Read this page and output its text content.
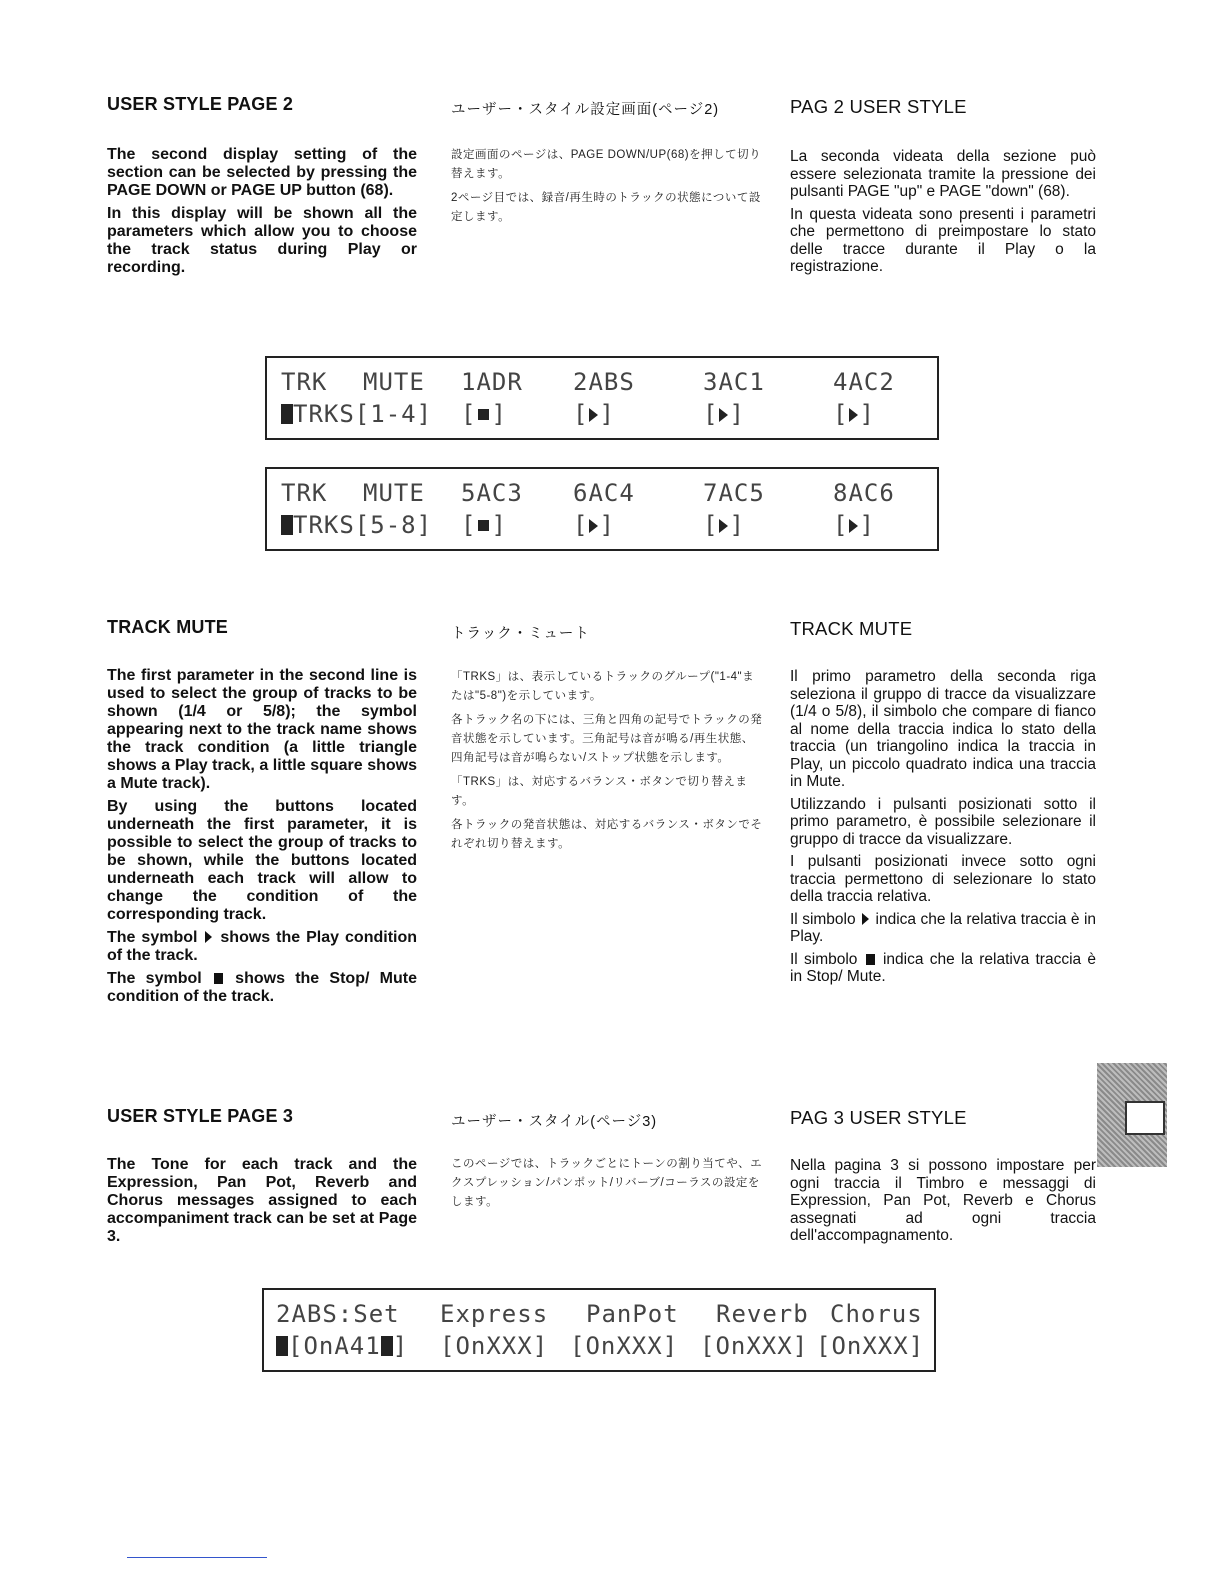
USER STYLE PAGE 2	ユーザー・スタイル設定画面(ページ2)	PAG 2 USER STYLE

The second display setting of the section can be selected by pressing the PAGE DOWN or PAGE UP button (68).

In this display will be shown all the parameters which allow you to choose the track status during Play or recording.

設定画面のページは、PAGE DOWN/UP(68)を押して切り替えます。

2ページ目では、録音/再生時のトラックの状態について設定します。

La seconda videata della sezione può essere selezionata tramite la pressione dei pulsanti PAGE "up" e PAGE "down" (68).

In questa videata sono presenti i parametri che permettono di preimpostare lo stato delle tracce durante il Play o la registrazione.

TRK MUTE 1ADR 2ABS	3AC1	4AC2
TRKS[1-4] [ ]	[ ]	[ ]	[ ]
TRK MUTE 5AC3 6AC4	7AC5	8AC6
TRKS[5-8] [ ]	[ ]	[ ]	[ ]
TRACK MUTE	トラック・ミュート	TRACK MUTE

The first parameter in the second line is used to select the group of tracks to be shown (1/4 or 5/8); the symbol appearing next to the track name shows the track condition (a little triangle shows a Play track, a little square shows a Mute track).

By using the buttons located underneath the first parameter, it is possible to select the group of tracks to be shown, while the buttons located underneath each track will allow to change the condition of the corresponding track.

The symbol shows the Play condition of the track.

The symbol shows the Stop/ Mute condition of the track.

「TRKS」は、表示しているトラックのグループ("1-4"または"5-8")を示しています。

各トラック名の下には、三角と四角の記号でトラックの発音状態を示しています。三角記号は音が鳴る/再生状態、四角記号は音が鳴らない/ストップ状態を示します。

「TRKS」は、対応するバランス・ボタンで切り替えます。

各トラックの発音状態は、対応するバランス・ボタンでそれぞれ切り替えます。

Il primo parametro della seconda riga seleziona il gruppo di tracce da visualizzare (1/4 o 5/8), il simbolo che compare di fianco al nome della traccia indica lo stato della traccia (un triangolino indica la traccia in Play, un piccolo quadrato indica una traccia in Mute.

Utilizzando i pulsanti posizionati sotto il primo parametro, è possibile selezionare il gruppo di tracce da visualizzare.

I pulsanti posizionati invece sotto ogni traccia permettono di selezionare lo stato della traccia relativa.

Il simbolo indica che la relativa traccia è in Play.

Il simbolo indica che la relativa traccia è in Stop/ Mute.

USER STYLE PAGE 3	ユーザー・スタイル(ページ3)	PAG 3 USER STYLE

The Tone for each track and the Expression, Pan Pot, Reverb and Chorus messages assigned to each accompaniment track can be set at Page 3.

このページでは、トラックごとにトーンの割り当てや、エクスプレッション/パンポット/リバーブ/コーラスの設定をします。

Nella pagina 3 si possono impostare per ogni traccia il Timbro e messaggi di Expression, Pan Pot, Reverb e Chorus assegnati ad ogni traccia dell'accompagnamento.

2ABS:Set Express PanPot Reverb Chorus
[OnA41 ] [OnXXX] [OnXXX] [OnXXX] [OnXXX]
